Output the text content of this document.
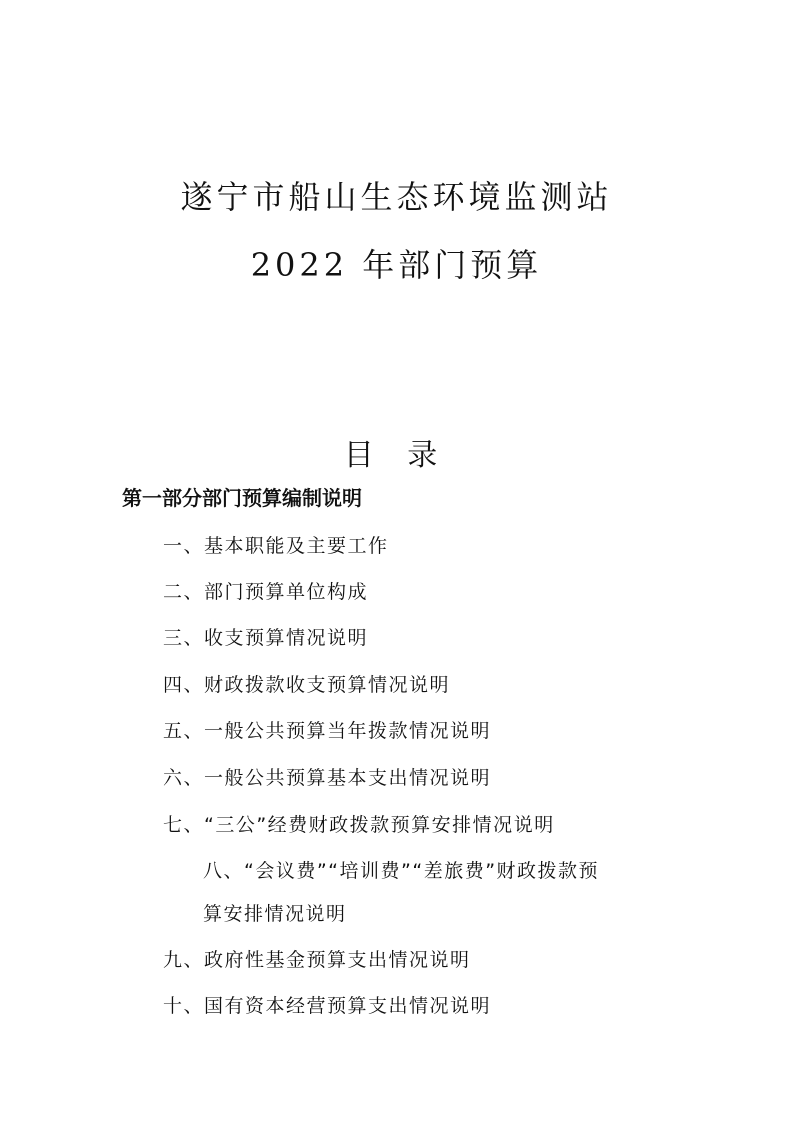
遂宁市船山生态环境监测站
2022 年部门预算
目 录
第一部分部门预算编制说明
一、基本职能及主要工作
二、部门预算单位构成
三、收支预算情况说明
四、财政拨款收支预算情况说明
五、一般公共预算当年拨款情况说明
六、一般公共预算基本支出情况说明
七、“三公”经费财政拨款预算安排情况说明
八、“会议费”“培训费”“差旅费”财政拨款预
算安排情况说明
九、政府性基金预算支出情况说明
十、国有资本经营预算支出情况说明
